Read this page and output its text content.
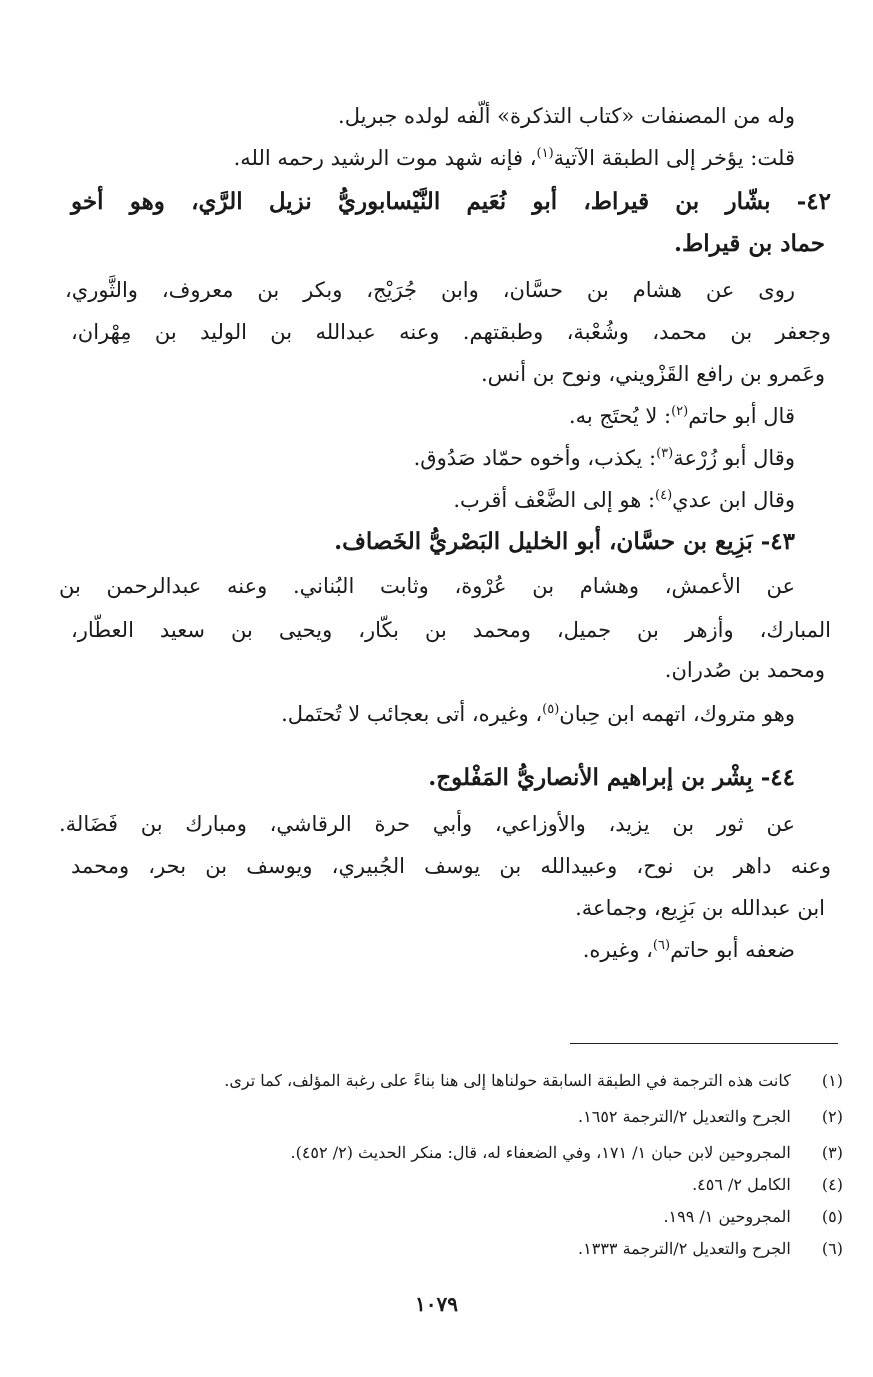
وله من المصنفات «كتاب التذكرة» ألّفه لولده جبريل.
قلت: يؤخر إلى الطبقة الآتية$^{(١)}$، فإنه شهد موت الرشيد رحمه الله.
٤٢- بشّار بن قيراط، أبو نُعَيم النَّيْسابوريُّ نزيل الرَّي، وهو أخو
حماد بن قيراط.
روى عن هشام بن حسَّان، وابن جُرَيْج، وبكر بن معروف، والثَّوري،
وجعفر بن محمد، وشُعْبة، وطبقتهم. وعنه عبدالله بن الوليد بن مِهْران،
وعَمرو بن رافع القَزْويني، ونوح بن أنس.
قال أبو حاتم$^{(٢)}$: لا يُحتَج به.
وقال أبو زُرْعة$^{(٣)}$: يكذب، وأخوه حمّاد صَدُوق.
وقال ابن عدي$^{(٤)}$: هو إلى الضَّعْف أقرب.
٤٣- بَزِيع بن حسَّان، أبو الخليل البَصْريُّ الخَصاف.
عن الأعمش، وهشام بن عُرْوة، وثابت البُناني. وعنه عبدالرحمن بن
المبارك، وأزهر بن جميل، ومحمد بن بكّار، ويحيى بن سعيد العطّار،
ومحمد بن صُدران.
وهو متروك، اتهمه ابن حِبان$^{(٥)}$، وغيره، أتى بعجائب لا تُحتَمل.
٤٤- بِشْر بن إبراهيم الأنصاريُّ المَفْلوج.
عن ثور بن يزيد، والأوزاعي، وأبي حرة الرقاشي، ومبارك بن فَضَالة.
وعنه داهر بن نوح، وعبيدالله بن يوسف الجُبيري، ويوسف بن بحر، ومحمد
ابن عبدالله بن بَزِيع، وجماعة.
ضعفه أبو حاتم$^{(٦)}$، وغيره.
(١)  كانت هذه الترجمة في الطبقة السابقة حولناها إلى هنا بناءً على رغبة المؤلف، كما ترى.
(٢)  الجرح والتعديل ٢/الترجمة ١٦٥٢.
(٣)  المجروحين لابن حبان ١/ ١٧١، وفي الضعفاء له، قال: منكر الحديث (٢/ ٤٥٢).
(٤)  الكامل ٢/ ٤٥٦.
(٥)  المجروحين ١/ ١٩٩.
(٦)  الجرح والتعديل ٢/الترجمة ١٣٣٣.
١٠٧٩
